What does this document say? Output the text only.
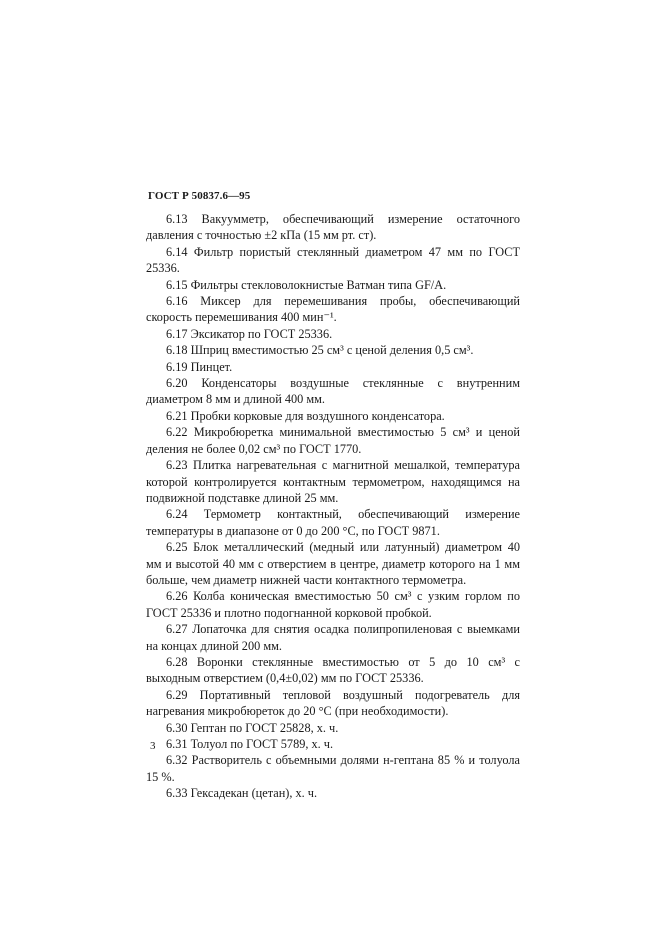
ГОСТ Р 50837.6—95

6.13 Вакуумметр, обеспечивающий измерение остаточного давления с точностью ±2 кПа (15 мм рт. ст).

6.14 Фильтр пористый стеклянный диаметром 47 мм по ГОСТ 25336.

6.15 Фильтры стекловолокнистые Ватман типа GF/A.

6.16 Миксер для перемешивания пробы, обеспечивающий скорость перемешивания 400 мин⁻¹.

6.17 Эксикатор по ГОСТ 25336.

6.18 Шприц вместимостью 25 см³ с ценой деления 0,5 см³.

6.19 Пинцет.

6.20 Конденсаторы воздушные стеклянные с внутренним диаметром 8 мм и длиной 400 мм.

6.21 Пробки корковые для воздушного конденсатора.

6.22 Микробюретка минимальной вместимостью 5 см³ и ценой деления не более 0,02 см³ по ГОСТ 1770.

6.23 Плитка нагревательная с магнитной мешалкой, температура которой контролируется контактным термометром, находящимся на подвижной подставке длиной 25 мм.

6.24 Термометр контактный, обеспечивающий измерение температуры в диапазоне от 0 до 200 °С, по ГОСТ 9871.

6.25 Блок металлический (медный или латунный) диаметром 40 мм и высотой 40 мм с отверстием в центре, диаметр которого на 1 мм больше, чем диаметр нижней части контактного термометра.

6.26 Колба коническая вместимостью 50 см³ с узким горлом по ГОСТ 25336 и плотно подогнанной корковой пробкой.

6.27 Лопаточка для снятия осадка полипропиленовая с выемками на концах длиной 200 мм.

6.28 Воронки стеклянные вместимостью от 5 до 10 см³ с выходным отверстием (0,4±0,02) мм по ГОСТ 25336.

6.29 Портативный тепловой воздушный подогреватель для нагревания микробюреток до 20 °С (при необходимости).

6.30 Гептан по ГОСТ 25828, х. ч.

6.31 Толуол по ГОСТ 5789, х. ч.

6.32 Растворитель с объемными долями н-гептана 85 % и толуола 15 %.

6.33 Гексадекан (цетан), х. ч.

3
